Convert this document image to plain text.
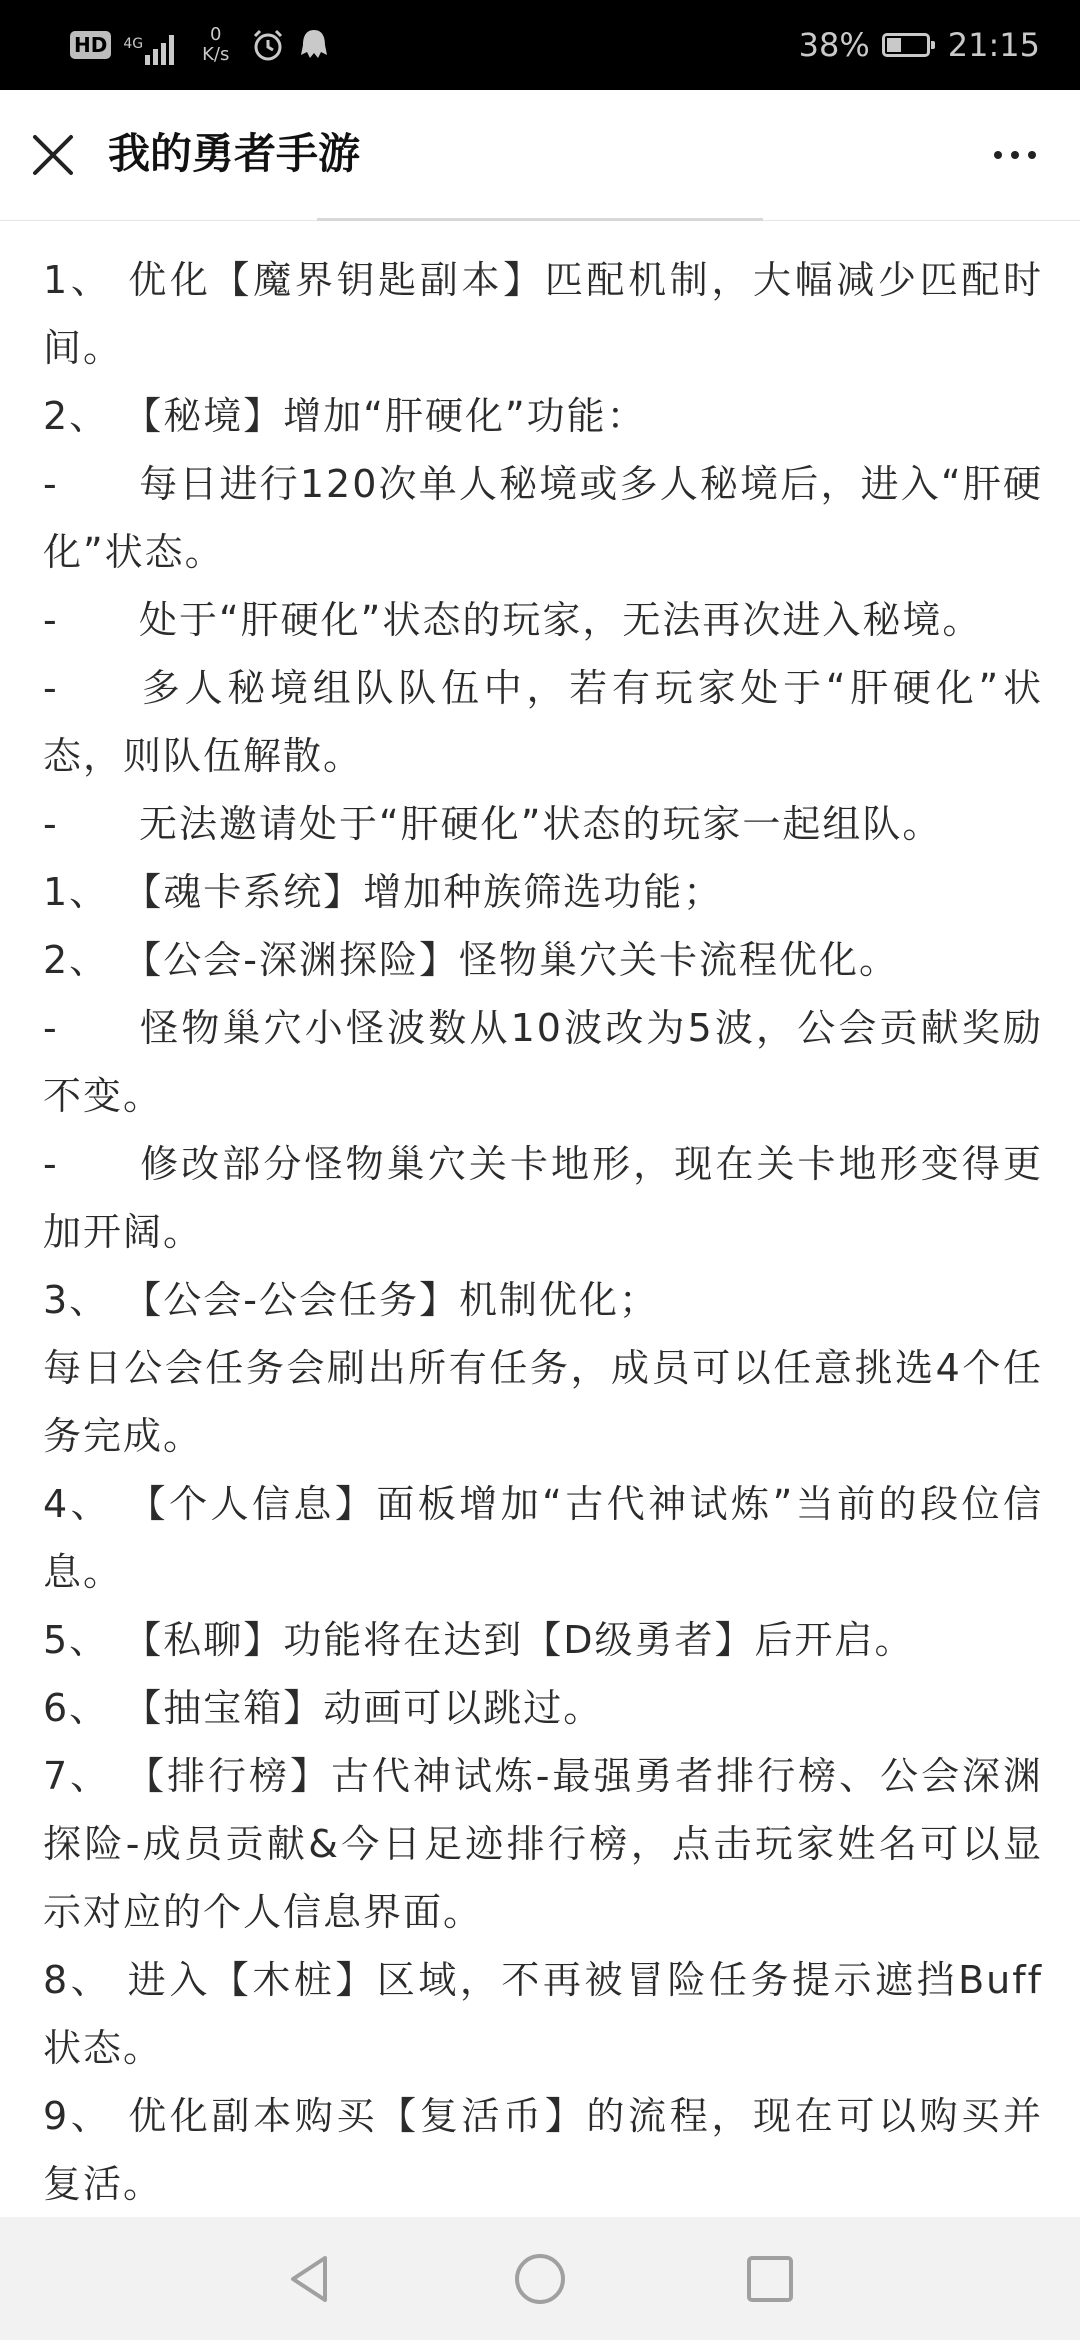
HD 4G	0
K/s	38% 21:15
我的勇者手游

1、 优化【魔界钥匙副本】匹配机制，大幅减少匹配时间。

2、 【秘境】增加“肝硬化”功能：

- 每日进行120次单人秘境或多人秘境后，进入“肝硬化”状态。

- 处于“肝硬化”状态的玩家，无法再次进入秘境。

- 多人秘境组队队伍中，若有玩家处于“肝硬化”状态，则队伍解散。

- 无法邀请处于“肝硬化”状态的玩家一起组队。

1、 【魂卡系统】增加种族筛选功能；

2、 【公会-深渊探险】怪物巢穴关卡流程优化。

- 怪物巢穴小怪波数从10波改为5波，公会贡献奖励不变。

- 修改部分怪物巢穴关卡地形，现在关卡地形变得更加开阔。

3、 【公会-公会任务】机制优化；

每日公会任务会刷出所有任务，成员可以任意挑选4个任务完成。

4、 【个人信息】面板增加“古代神试炼”当前的段位信息。

5、 【私聊】功能将在达到【D级勇者】后开启。

6、 【抽宝箱】动画可以跳过。

7、 【排行榜】古代神试炼-最强勇者排行榜、公会深渊探险-成员贡献&今日足迹排行榜，点击玩家姓名可以显示对应的个人信息界面。

8、 进入【木桩】区域，不再被冒险任务提示遮挡Buff状态。

9、 优化副本购买【复活币】的流程，现在可以购买并复活。
